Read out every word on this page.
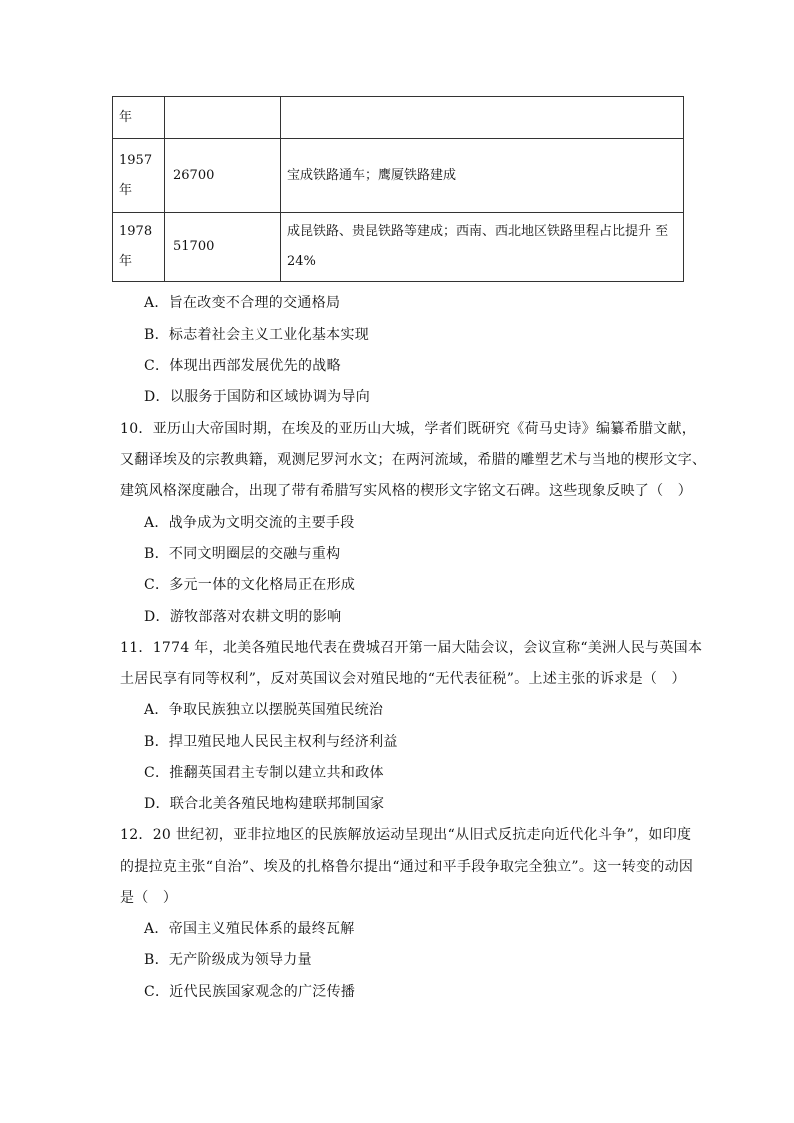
年		

1957
年	26700	宝成铁路通车；鹰厦铁路建成

1978
年	51700	成昆铁路、贵昆铁路等建成；西南、西北地区铁路里程占比提升 至 24%
A．旨在改变不合理的交通格局
B．标志着社会主义工业化基本实现
C．体现出西部发展优先的战略
D．以服务于国防和区域协调为导向
10．亚历山大帝国时期，在埃及的亚历山大城，学者们既研究《荷马史诗》编纂希腊文献，
又翻译埃及的宗教典籍，观测尼罗河水文；在两河流域，希腊的雕塑艺术与当地的楔形文字、
建筑风格深度融合，出现了带有希腊写实风格的楔形文字铭文石碑。这些现象反映了（　）
A．战争成为文明交流的主要手段
B．不同文明圈层的交融与重构
C．多元一体的文化格局正在形成
D．游牧部落对农耕文明的影响
11．1774 年，北美各殖民地代表在费城召开第一届大陆会议，会议宣称“美洲人民与英国本
土居民享有同等权利”，反对英国议会对殖民地的“无代表征税”。上述主张的诉求是（　）
A．争取民族独立以摆脱英国殖民统治
B．捍卫殖民地人民民主权利与经济利益
C．推翻英国君主专制以建立共和政体
D．联合北美各殖民地构建联邦制国家
12．20 世纪初，亚非拉地区的民族解放运动呈现出“从旧式反抗走向近代化斗争”，如印度
的提拉克主张“自治”、埃及的扎格鲁尔提出“通过和平手段争取完全独立”。这一转变的动因
是（　）
A．帝国主义殖民体系的最终瓦解
B．无产阶级成为领导力量
C．近代民族国家观念的广泛传播
